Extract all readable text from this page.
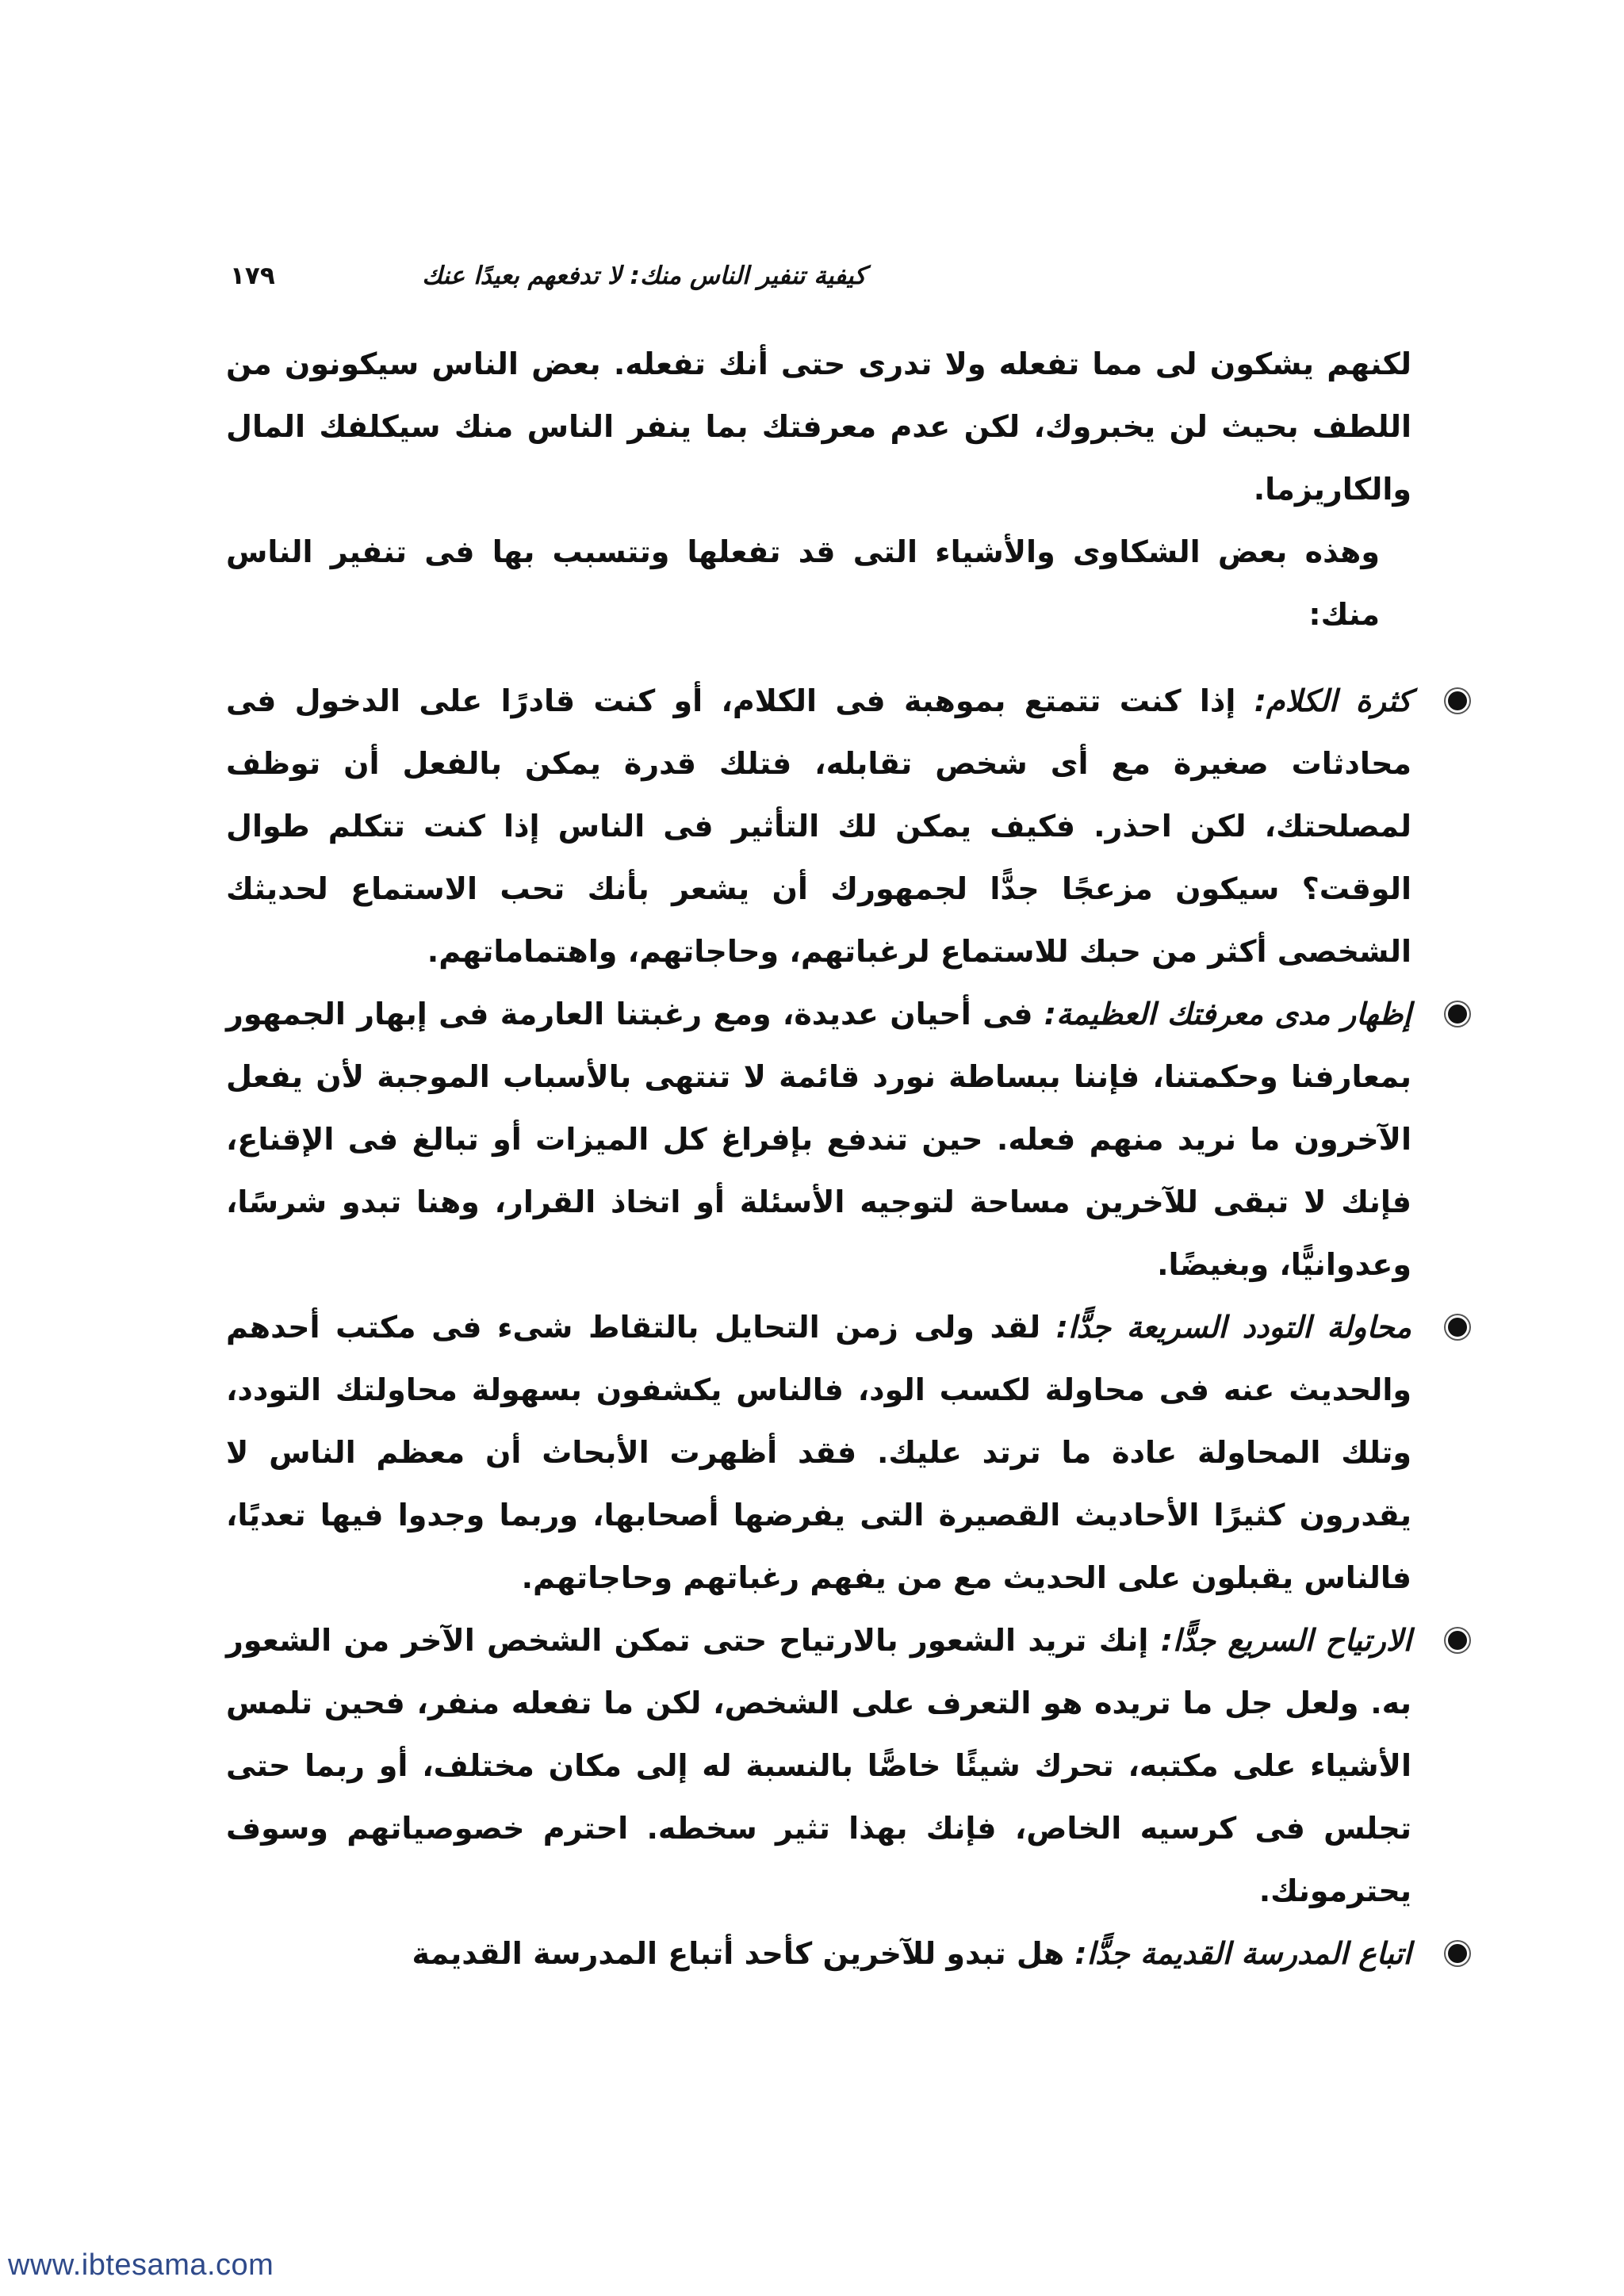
كيفية تنفير الناس منك: لا تدفعهم بعيدًا عنك
١٧٩

لكنهم يشكون لى مما تفعله ولا تدرى حتى أنك تفعله. بعض الناس سيكونون من اللطف بحيث لن يخبروك، لكن عدم معرفتك بما ينفر الناس منك سيكلفك المال والكاريزما.

وهذه بعض الشكاوى والأشياء التى قد تفعلها وتتسبب بها فى تنفير الناس منك:

كثرة الكلام: إذا كنت تتمتع بموهبة فى الكلام، أو كنت قادرًا على الدخول فى محادثات صغيرة مع أى شخص تقابله، فتلك قدرة يمكن بالفعل أن توظف لمصلحتك، لكن احذر. فكيف يمكن لك التأثير فى الناس إذا كنت تتكلم طوال الوقت؟ سيكون مزعجًا جدًّا لجمهورك أن يشعر بأنك تحب الاستماع لحديثك الشخصى أكثر من حبك للاستماع لرغباتهم، وحاجاتهم، واهتماماتهم.
إظهار مدى معرفتك العظيمة: فى أحيان عديدة، ومع رغبتنا العارمة فى إبهار الجمهور بمعارفنا وحكمتنا، فإننا ببساطة نورد قائمة لا تنتهى بالأسباب الموجبة لأن يفعل الآخرون ما نريد منهم فعله. حين تندفع بإفراغ كل الميزات أو تبالغ فى الإقناع، فإنك لا تبقى للآخرين مساحة لتوجيه الأسئلة أو اتخاذ القرار، وهنا تبدو شرسًا، وعدوانيًّا، وبغيضًا.
محاولة التودد السريعة جدًّا: لقد ولى زمن التحايل بالتقاط شىء فى مكتب أحدهم والحديث عنه فى محاولة لكسب الود، فالناس يكشفون بسهولة محاولتك التودد، وتلك المحاولة عادة ما ترتد عليك. فقد أظهرت الأبحاث أن معظم الناس لا يقدرون كثيرًا الأحاديث القصيرة التى يفرضها أصحابها، وربما وجدوا فيها تعديًا، فالناس يقبلون على الحديث مع من يفهم رغباتهم وحاجاتهم.
الارتياح السريع جدًّا: إنك تريد الشعور بالارتياح حتى تمكن الشخص الآخر من الشعور به. ولعل جل ما تريده هو التعرف على الشخص، لكن ما تفعله منفر، فحين تلمس الأشياء على مكتبه، تحرك شيئًا خاصًّا بالنسبة له إلى مكان مختلف، أو ربما حتى تجلس فى كرسيه الخاص، فإنك بهذا تثير سخطه. احترم خصوصياتهم وسوف يحترمونك.
اتباع المدرسة القديمة جدًّا: هل تبدو للآخرين كأحد أتباع المدرسة القديمة
www.ibtesama.com
